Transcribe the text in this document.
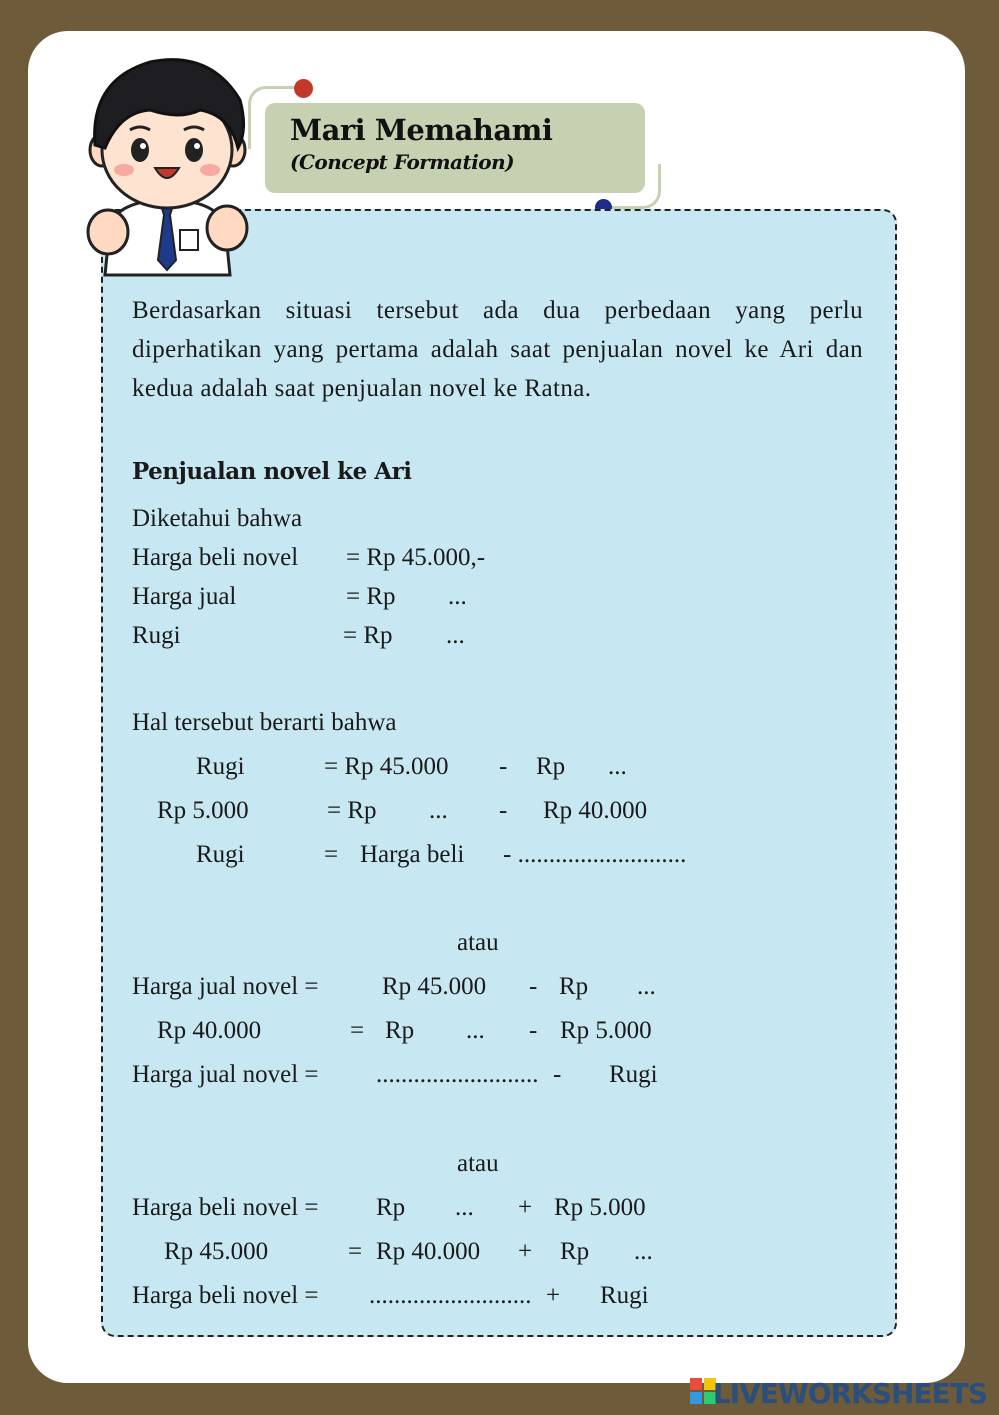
Mari Memahami
(Concept Formation)
Berdasarkan situasi tersebut ada dua perbedaan yang perlu diperhatikan yang pertama adalah saat penjualan novel ke Ari dan kedua adalah saat penjualan novel ke Ratna.
Penjualan novel ke Ari
Diketahui bahwa
Harga beli novel = Rp 45.000,-
Harga jual	= Rp ...
Rugi	= Rp ...
Hal tersebut berarti bahwa
Rugi	= Rp 45.000 - Rp ...
Rp 5.000	= Rp ... - Rp 40.000
Rugi	= Harga beli - ...........................
atau
Harga jual novel =	Rp 45.000 - Rp ...
Rp 40.000	= Rp ... - Rp 5.000
Harga jual novel = .......................... - Rugi
atau
Harga beli novel = Rp ... + Rp 5.000
Rp 45.000	= Rp 40.000 + Rp ...
Harga beli novel = .......................... + Rugi
LIVEWORKSHEETS
